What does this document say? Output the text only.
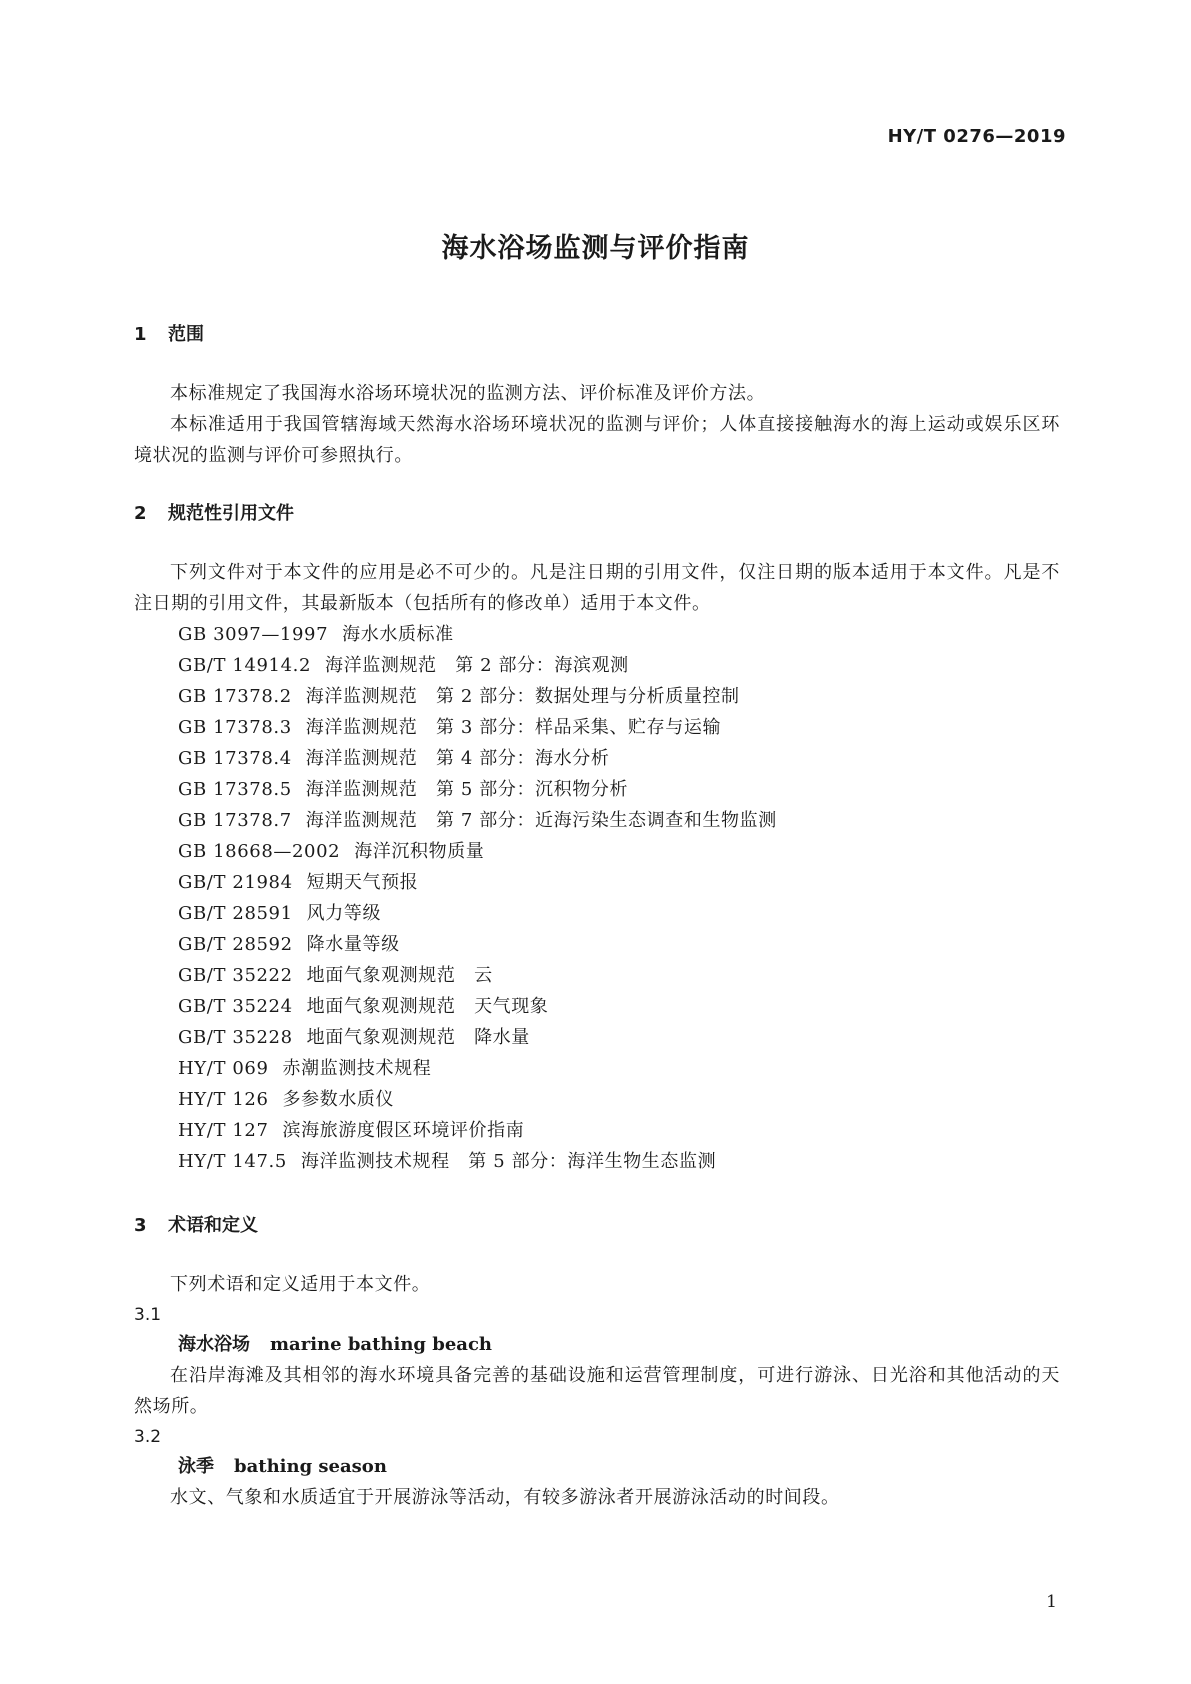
HY/T 0276—2019
海水浴场监测与评价指南
1 范围

本标准规定了我国海水浴场环境状况的监测方法、评价标准及评价方法。

本标准适用于我国管辖海域天然海水浴场环境状况的监测与评价；人体直接接触海水的海上运动或娱乐区环境状况的监测与评价可参照执行。

2 规范性引用文件

下列文件对于本文件的应用是必不可少的。凡是注日期的引用文件，仅注日期的版本适用于本文件。凡是不注日期的引用文件，其最新版本（包括所有的修改单）适用于本文件。

GB 3097—1997 海水水质标准
GB/T 14914.2 海洋监测规范　第 2 部分：海滨观测
GB 17378.2 海洋监测规范　第 2 部分：数据处理与分析质量控制
GB 17378.3 海洋监测规范　第 3 部分：样品采集、贮存与运输
GB 17378.4 海洋监测规范　第 4 部分：海水分析
GB 17378.5 海洋监测规范　第 5 部分：沉积物分析
GB 17378.7 海洋监测规范　第 7 部分：近海污染生态调查和生物监测
GB 18668—2002 海洋沉积物质量
GB/T 21984 短期天气预报
GB/T 28591 风力等级
GB/T 28592 降水量等级
GB/T 35222 地面气象观测规范　云
GB/T 35224 地面气象观测规范　天气现象
GB/T 35228 地面气象观测规范　降水量
HY/T 069 赤潮监测技术规程
HY/T 126 多参数水质仪
HY/T 127 滨海旅游度假区环境评价指南
HY/T 147.5 海洋监测技术规程　第 5 部分：海洋生物生态监测
3 术语和定义

下列术语和定义适用于本文件。

3.1
海水浴场 marine bathing beach

在沿岸海滩及其相邻的海水环境具备完善的基础设施和运营管理制度，可进行游泳、日光浴和其他活动的天然场所。

3.2
泳季 bathing season

水文、气象和水质适宜于开展游泳等活动，有较多游泳者开展游泳活动的时间段。

1
